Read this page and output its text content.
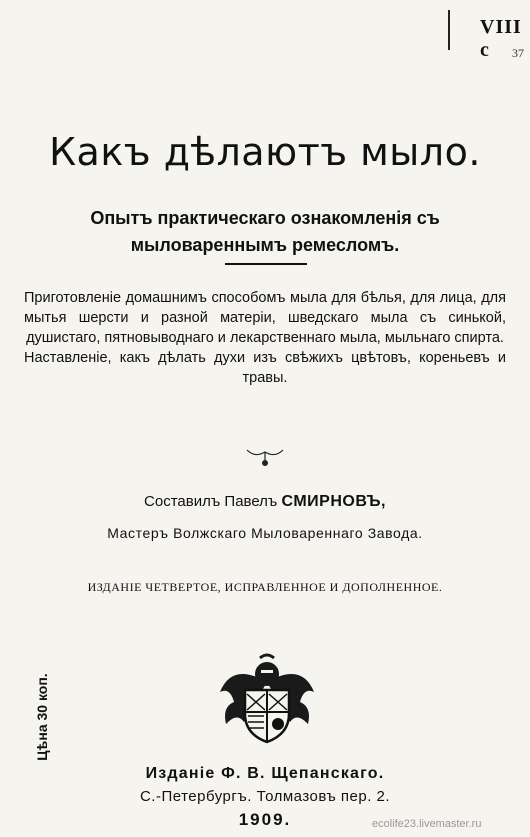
VIII c	37
Какъ дѣлаютъ мыло.
Опытъ практическаго ознакомленія съ
мыловареннымъ ремесломъ.

Приготовленіе домашнимъ способомъ мыла для бѣлья, для лица, для мытья шерсти и разной матеріи, шведскаго мыла съ синькой, душистаго, пятновыводнаго и лекарственнаго мыла, мыльнаго спирта.

Наставленіе, какъ дѣлать духи изъ свѣжихъ цвѣтовъ, кореньевъ и травы.

Составилъ Павелъ СМИРНОВЪ,
Мастеръ Волжскаго Мыловареннаго Завода.
ИЗДАНІЕ ЧЕТВЕРТОЕ, ИСПРАВЛЕННОЕ И ДОПОЛНЕННОЕ.
Цѣна 30 коп.
Изданіе Ф. В. Щепанскаго.
С.-Петербургъ. Толмазовъ пер. 2.
1909.	ecolife23.livemaster.ru
